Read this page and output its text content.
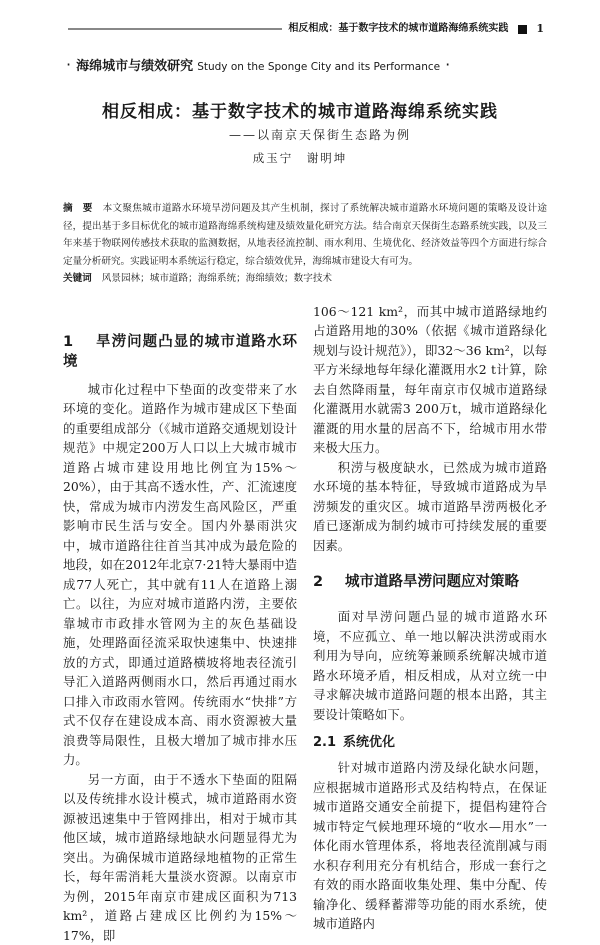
相反相成：基于数字技术的城市道路海绵系统实践	1
· 海绵城市与绩效研究 Study on the Sponge City and its Performance ·
相反相成：基于数字技术的城市道路海绵系统实践
——以南京天保街生态路为例
成玉宁　谢明坤
摘　要 本文聚焦城市道路水环境旱涝问题及其产生机制，探讨了系统解决城市道路水环境问题的策略及设计途径，提出基于多目标优化的城市道路海绵系统构建及绩效量化研究方法。结合南京天保街生态路系统实践，以及三年来基于物联网传感技术获取的监测数据，从地表径流控制、雨水利用、生境优化、经济效益等四个方面进行综合定量分析研究。实践证明本系统运行稳定，综合绩效优异，海绵城市建设大有可为。
关键词 风景园林；城市道路；海绵系统；海绵绩效；数字技术
1 旱涝问题凸显的城市道路水环境

城市化过程中下垫面的改变带来了水环境的变化。道路作为城市建成区下垫面的重要组成部分（《城市道路交通规划设计规范》中规定200万人口以上大城市城市道路占城市建设用地比例宜为15%～20%），由于其高不透水性，产、汇流速度快，常成为城市内涝发生高风险区，严重影响市民生活与安全。国内外暴雨洪灾中，城市道路往往首当其冲成为最危险的地段，如在2012年北京7·21特大暴雨中造成77人死亡，其中就有11人在道路上溺亡。以往，为应对城市道路内涝，主要依靠城市市政排水管网为主的灰色基础设施，处理路面径流采取快速集中、快速排放的方式，即通过道路横坡将地表径流引导汇入道路两侧雨水口，然后再通过雨水口排入市政雨水管网。传统雨水“快排”方式不仅存在建设成本高、雨水资源被大量浪费等局限性，且极大增加了城市排水压力。

另一方面，由于不透水下垫面的阻隔以及传统排水设计模式，城市道路雨水资源被迅速集中于管网排出，相对于城市其他区域，城市道路绿地缺水问题显得尤为突出。为确保城市道路绿地植物的正常生长，每年需消耗大量淡水资源。以南京市为例，2015年南京市建成区面积为713 km²，道路占建成区比例约为15%～17%，即

106～121 km²，而其中城市道路绿地约占道路用地的30%（依据《城市道路绿化规划与设计规范》），即32～36 km²，以每平方米绿地每年绿化灌溉用水2 t计算，除去自然降雨量，每年南京市仅城市道路绿化灌溉用水就需3 200万t，城市道路绿化灌溉的用水量的居高不下，给城市用水带来极大压力。

积涝与极度缺水，已然成为城市道路水环境的基本特征，导致城市道路成为旱涝频发的重灾区。城市道路旱涝两极化矛盾已逐渐成为制约城市可持续发展的重要因素。

2 城市道路旱涝问题应对策略

面对旱涝问题凸显的城市道路水环境，不应孤立、单一地以解决洪涝或雨水利用为导向，应统筹兼顾系统解决城市道路水环境矛盾，相反相成，从对立统一中寻求解决城市道路问题的根本出路，其主要设计策略如下。

2.1 系统优化

针对城市道路内涝及绿化缺水问题，应根据城市道路形式及结构特点，在保证城市道路交通安全前提下，提倡构建符合城市特定气候地理环境的“收水—用水”一体化雨水管理体系，将地表径流削减与雨水积存利用充分有机结合，形成一套行之有效的雨水路面收集处理、集中分配、传输净化、缓释蓄滞等功能的雨水系统，使城市道路内
